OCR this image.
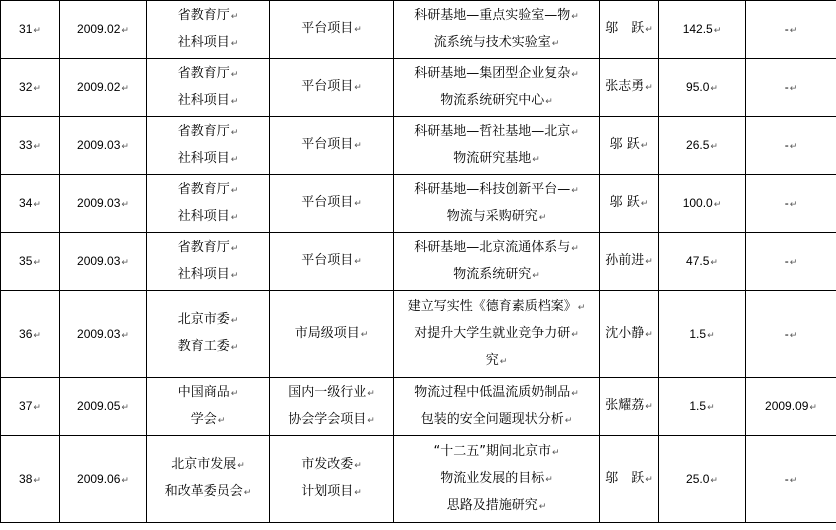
31↵	2009.02↵	省教育厅↵
社科项目↵	平台项目↵	科研基地—重点实验室—物↵
流系统与技术实验室↵	邬　跃↵	142.5↵	-↵
32↵	2009.02↵	省教育厅↵
社科项目↵	平台项目↵	科研基地—集团型企业复杂↵
物流系统研究中心↵	张志勇↵	95.0↵	-↵
33↵	2009.03↵	省教育厅↵
社科项目↵	平台项目↵	科研基地—哲社基地—北京↵
物流研究基地↵	邬 跃↵	26.5↵	-↵
34↵	2009.03↵	省教育厅↵
社科项目↵	平台项目↵	科研基地—科技创新平台—↵
物流与采购研究↵	邬 跃↵	100.0↵	-↵
35↵	2009.03↵	省教育厅↵
社科项目↵	平台项目↵	科研基地—北京流通体系与↵
物流系统研究↵	孙前进↵	47.5↵	-↵
36↵	2009.03↵	北京市委↵
教育工委↵	市局级项目↵	建立写实性《德育素质档案》↵
对提升大学生就业竞争力研↵
究↵	沈小静↵	1.5↵	-↵
37↵	2009.05↵	中国商品↵
学会↵	国内一级行业↵
协会学会项目↵	物流过程中低温流质奶制品↵
包装的安全问题现状分析↵	张耀荔↵	1.5↵	2009.09↵
38↵	2009.06↵	北京市发展↵
和改革委员会↵	市发改委↵
计划项目↵	“十二五”期间北京市↵
物流业发展的目标↵
思路及措施研究↵	邬　跃↵	25.0↵	-↵
